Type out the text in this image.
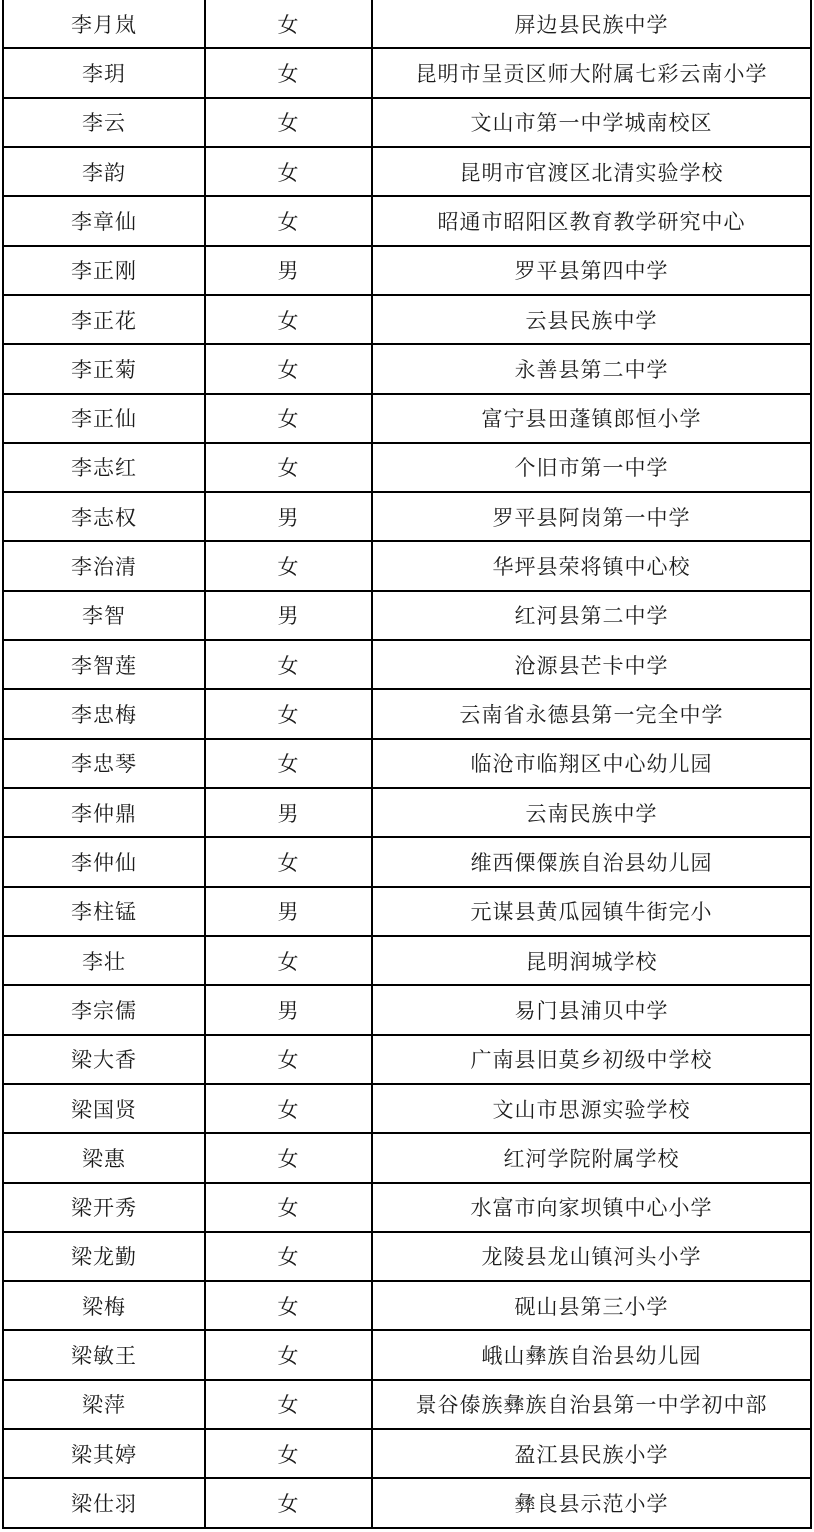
李月岚	女	屏边县民族中学
李玥	女	昆明市呈贡区师大附属七彩云南小学
李云	女	文山市第一中学城南校区
李韵	女	昆明市官渡区北清实验学校
李章仙	女	昭通市昭阳区教育教学研究中心
李正刚	男	罗平县第四中学
李正花	女	云县民族中学
李正菊	女	永善县第二中学
李正仙	女	富宁县田蓬镇郎恒小学
李志红	女	个旧市第一中学
李志权	男	罗平县阿岗第一中学
李治清	女	华坪县荣将镇中心校
李智	男	红河县第二中学
李智莲	女	沧源县芒卡中学
李忠梅	女	云南省永德县第一完全中学
李忠琴	女	临沧市临翔区中心幼儿园
李仲鼎	男	云南民族中学
李仲仙	女	维西傈僳族自治县幼儿园
李柱锰	男	元谋县黄瓜园镇牛街完小
李壮	女	昆明润城学校
李宗儒	男	易门县浦贝中学
梁大香	女	广南县旧莫乡初级中学校
梁国贤	女	文山市思源实验学校
梁惠	女	红河学院附属学校
梁开秀	女	水富市向家坝镇中心小学
梁龙勤	女	龙陵县龙山镇河头小学
梁梅	女	砚山县第三小学
梁敏王	女	峨山彝族自治县幼儿园
梁萍	女	景谷傣族彝族自治县第一中学初中部
梁其婷	女	盈江县民族小学
梁仕羽	女	彝良县示范小学
